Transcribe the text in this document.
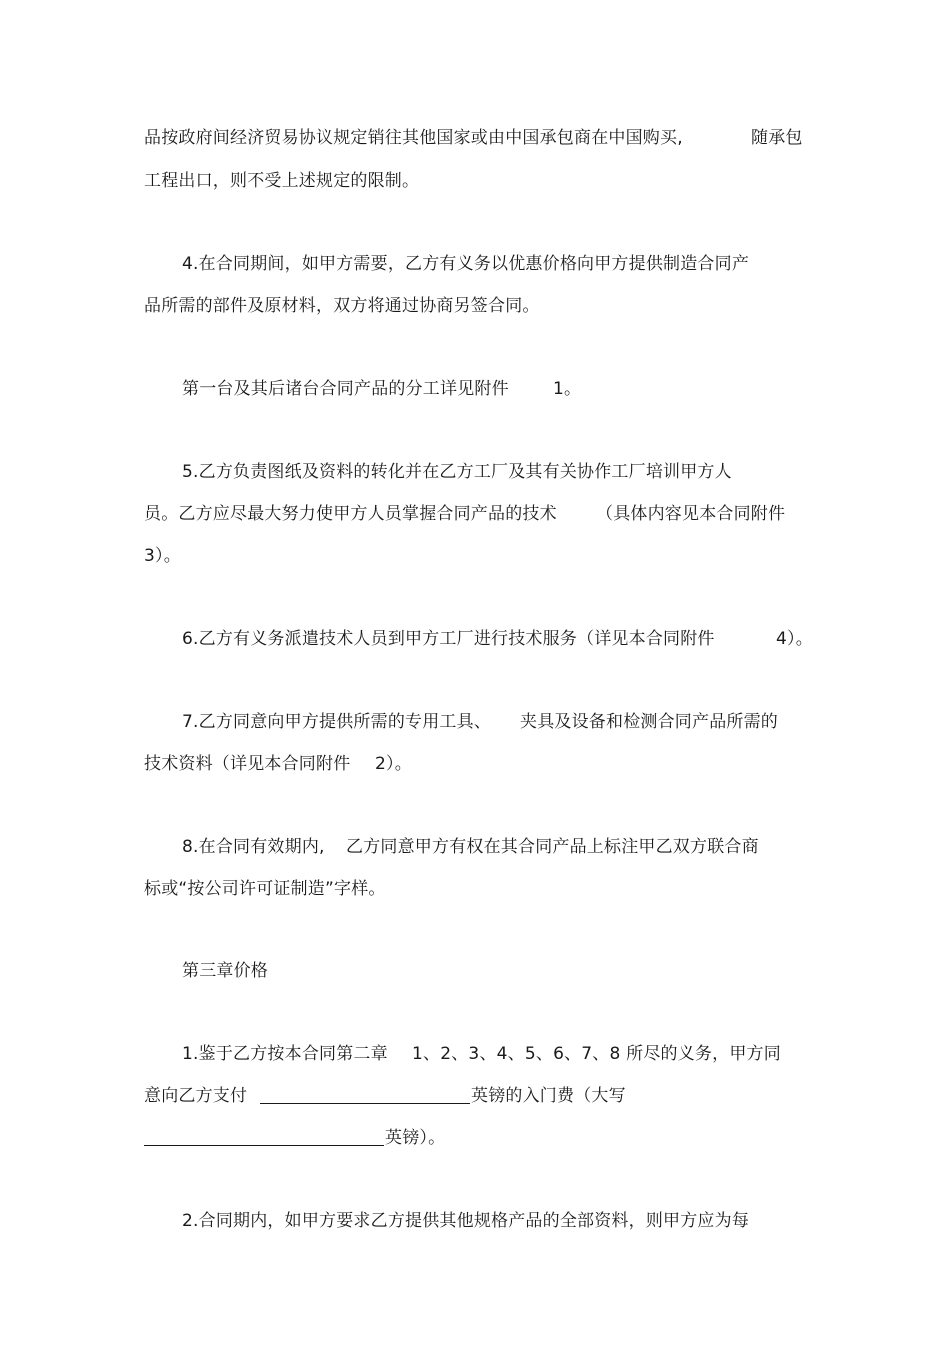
品按政府间经济贸易协议规定销往其他国家或由中国承包商在中国购买,	随承包
工程出口，则不受上述规定的限制。
4.在合同期间，如甲方需要，乙方有义务以优惠价格向甲方提供制造合同产
品所需的部件及原材料，双方将通过协商另签合同。
第一台及其后诸台合同产品的分工详见附件	1。
5.乙方负责图纸及资料的转化并在乙方工厂及其有关协作工厂培训甲方人
员。乙方应尽最大努力使甲方人员掌握合同产品的技术 （具体内容见本合同附件
3）。
6.乙方有义务派遣技术人员到甲方工厂进行技术服务（详见本合同附件	4）。
7.乙方同意向甲方提供所需的专用工具、 夹具及设备和检测合同产品所需的
技术资料（详见本合同附件 2）。
8.在合同有效期内, 乙方同意甲方有权在其合同产品上标注甲乙双方联合商
标或“按公司许可证制造”字样。
第三章价格
1.鉴于乙方按本合同第二章 1、2、3、4、5、6、7、8 所尽的义务，甲方同
意向乙方支付	英镑的入门费（大写
英镑）。
2.合同期内，如甲方要求乙方提供其他规格产品的全部资料，则甲方应为每
